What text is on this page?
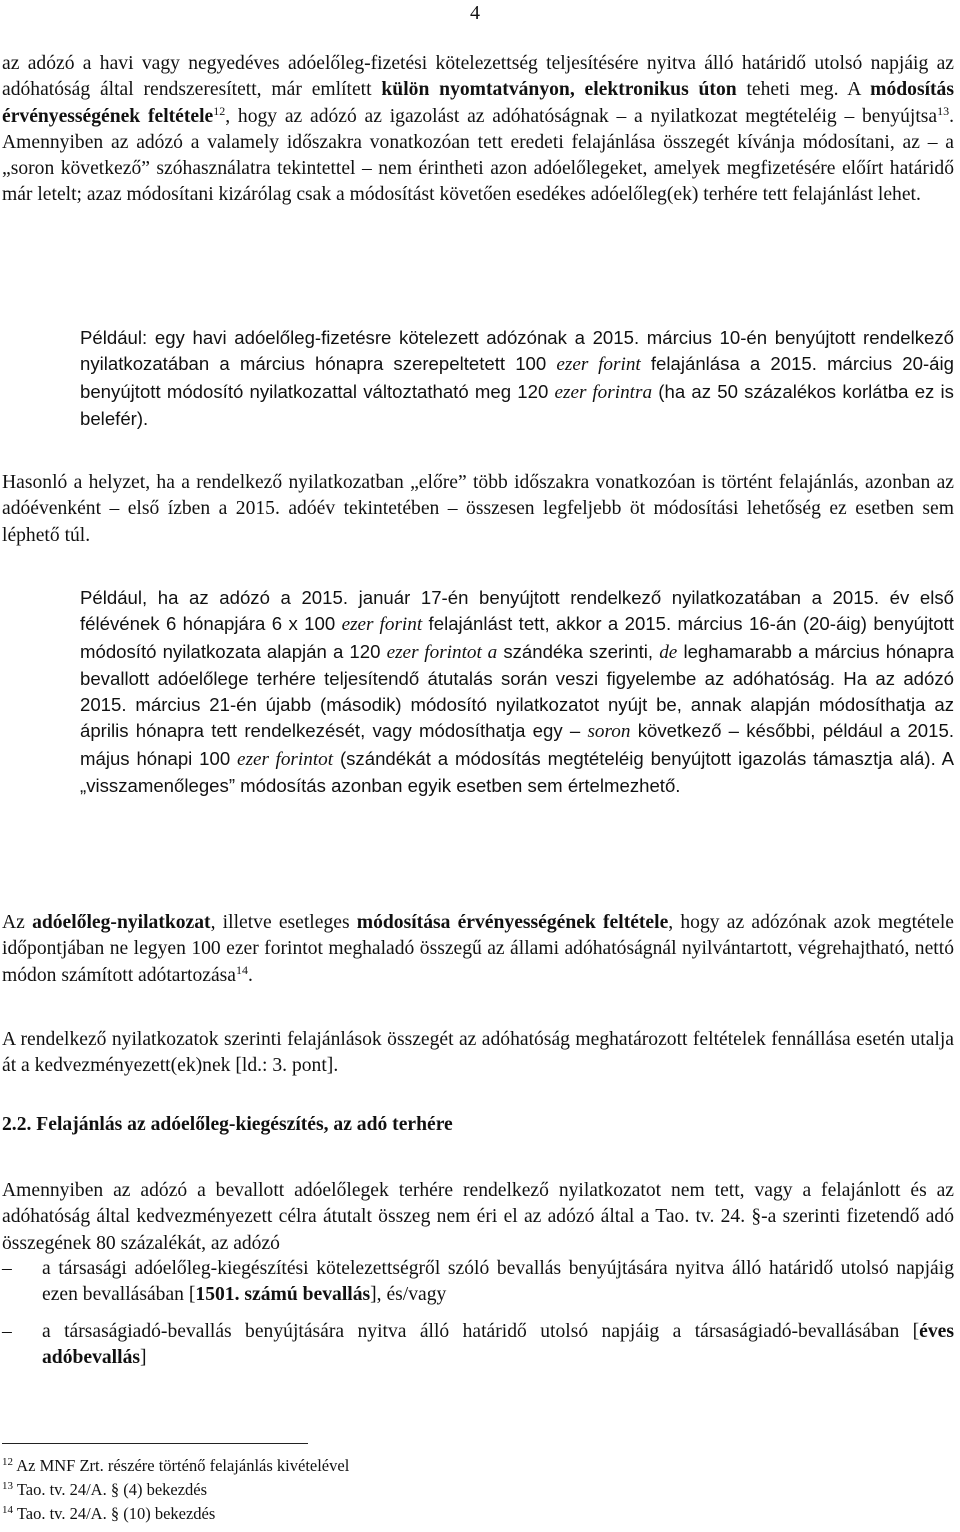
4

az adózó a havi vagy negyedéves adóelőleg-fizetési kötelezettség teljesítésére nyitva álló határidő utolsó napjáig az adóhatóság által rendszeresített, már említett külön nyomtatványon, elektronikus úton teheti meg. A módosítás érvényességének feltétele$^{12}$, hogy az adózó az igazolást az adóhatóságnak – a nyilatkozat megtételéig – benyújtsa$^{13}$. Amennyiben az adózó a valamely időszakra vonatkozóan tett eredeti felajánlása összegét kívánja módosítani, az – a „soron következő” szóhasználatra tekintettel – nem érintheti azon adóelőlegeket, amelyek megfizetésére előírt határidő már letelt; azaz módosítani kizárólag csak a módosítást követően esedékes adóelőleg(ek) terhére tett felajánlást lehet.

Például: egy havi adóelőleg-fizetésre kötelezett adózónak a 2015. március 10-én benyújtott rendelkező nyilatkozatában a március hónapra szerepeltetett 100 ezer forint felajánlása a 2015. március 20-áig benyújtott módosító nyilatkozattal változtatható meg 120 ezer forintra (ha az 50 százalékos korlátba ez is belefér).

Hasonló a helyzet, ha a rendelkező nyilatkozatban „előre” több időszakra vonatkozóan is történt felajánlás, azonban az adóévenként – első ízben a 2015. adóév tekintetében – összesen legfeljebb öt módosítási lehetőség ez esetben sem léphető túl.

Például, ha az adózó a 2015. január 17-én benyújtott rendelkező nyilatkozatában a 2015. év első félévének 6 hónapjára 6 x 100 ezer forint felajánlást tett, akkor a 2015. március 16-án (20-áig) benyújtott módosító nyilatkozata alapján a 120 ezer forintot a szándéka szerinti, de leghamarabb a március hónapra bevallott adóelőlege terhére teljesítendő átutalás során veszi figyelembe az adóhatóság. Ha az adózó 2015. március 21-én újabb (második) módosító nyilatkozatot nyújt be, annak alapján módosíthatja az április hónapra tett rendelkezését, vagy módosíthatja egy – soron következő – későbbi, például a 2015. május hónapi 100 ezer forintot (szándékát a módosítás megtételéig benyújtott igazolás támasztja alá). A „visszamenőleges” módosítás azonban egyik esetben sem értelmezhető.

Az adóelőleg-nyilatkozat, illetve esetleges módosítása érvényességének feltétele, hogy az adózónak azok megtétele időpontjában ne legyen 100 ezer forintot meghaladó összegű az állami adóhatóságnál nyilvántartott, végrehajtható, nettó módon számított adótartozása$^{14}$.

A rendelkező nyilatkozatok szerinti felajánlások összegét az adóhatóság meghatározott feltételek fennállása esetén utalja át a kedvezményezett(ek)nek [ld.: 3. pont].

2.2. Felajánlás az adóelőleg-kiegészítés, az adó terhére

Amennyiben az adózó a bevallott adóelőlegek terhére rendelkező nyilatkozatot nem tett, vagy a felajánlott és az adóhatóság által kedvezményezett célra átutalt összeg nem éri el az adózó által a Tao. tv. 24. §-a szerinti fizetendő adó összegének 80 százalékát, az adózó

–	a társasági adóelőleg-kiegészítési kötelezettségről szóló bevallás benyújtására nyitva álló határidő utolsó napjáig ezen bevallásában [1501. számú bevallás], és/vagy
–	a társaságiadó-bevallás benyújtására nyitva álló határidő utolsó napjáig a társaságiadó-bevallásában [éves adóbevallás]
$^{12}$ Az MNF Zrt. részére történő felajánlás kivételével
$^{13}$ Tao. tv. 24/A. § (4) bekezdés
$^{14}$ Tao. tv. 24/A. § (10) bekezdés
